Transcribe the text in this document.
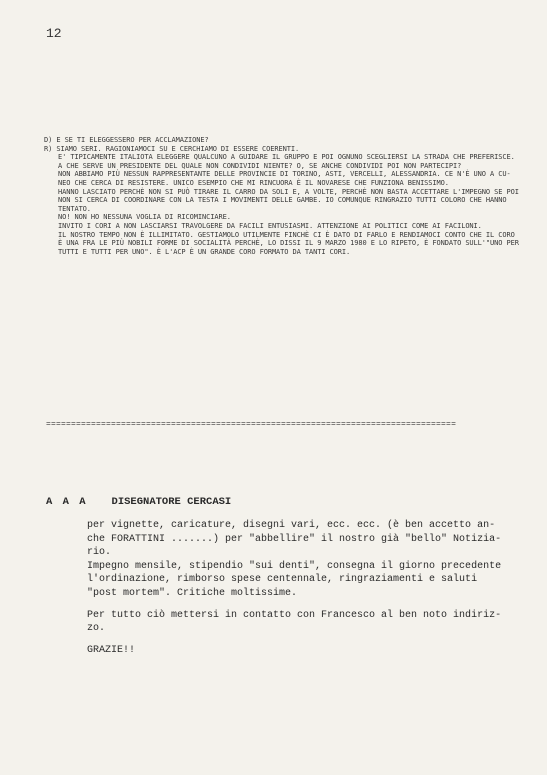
12
D) E SE TI ELEGGESSERO PER ACCLAMAZIONE?
R) SIAMO SERI. RAGIONIAMOCI SU E CERCHIAMO DI ESSERE COERENTI.
E' TIPICAMENTE ITALIOTA ELEGGERE QUALCUNO A GUIDARE IL GRUPPO E POI OGNUNO SCEGLIERSI LA STRADA CHE PREFERISCE.
A CHE SERVE UN PRESIDENTE DEL QUALE NON CONDIVIDI NIENTE? O, SE ANCHE CONDIVIDI POI NON PARTECIPI?
NON ABBIAMO PIÙ NESSUN RAPPRESENTANTE DELLE PROVINCIE DI TORINO, ASTI, VERCELLI, ALESSANDRIA. CE N'È UNO A CU-
NEO CHE CERCA DI RESISTERE. UNICO ESEMPIO CHE MI RINCUORA È IL NOVARESE CHE FUNZIONA BENISSIMO.
HANNO LASCIATO PERCHÈ NON SI PUÒ TIRARE IL CARRO DA SOLI E, A VOLTE, PERCHÈ NON BASTA ACCETTARE L'IMPEGNO SE POI
NON SI CERCA DI COORDINARE CON LA TESTA I MOVIMENTI DELLE GAMBE. IO COMUNQUE RINGRAZIO TUTTI COLORO CHE HANNO
TENTATO.
NO! NON HO NESSUNA VOGLIA DI RICOMINCIARE.
INVITO I CORI A NON LASCIARSI TRAVOLGERE DA FACILI ENTUSIASMI. ATTENZIONE AI POLITICI COME AI FACILONI.
IL NOSTRO TEMPO NON È ILLIMITATO. GESTIAMOLO UTILMENTE FINCHÈ CI È DATO DI FARLO E RENDIAMOCI CONTO CHE IL CORO
È UNA FRA LE PIÙ NOBILI FORME DI SOCIALITÀ PERCHÈ, LO DISSI IL 9 MARZO 1980 E LO RIPETO, È FONDATO SULL'"UNO PER
TUTTI E TUTTI PER UNO". È L'ACP È UN GRANDE CORO FORMATO DA TANTI CORI.
==================================================================================
A A A DISEGNATORE CERCASI
per vignette, caricature, disegni vari, ecc. ecc. (è ben accetto an-
che FORATTINI .......) per "abbellire" il nostro già "bello" Notizia-
rio.
Impegno mensile, stipendio "sui denti", consegna il giorno precedente
l'ordinazione, rimborso spese centennale, ringraziamenti e saluti
"post mortem". Critiche moltissime.
Per tutto ciò mettersi in contatto con Francesco al ben noto indiriz-
zo.
GRAZIE!!
